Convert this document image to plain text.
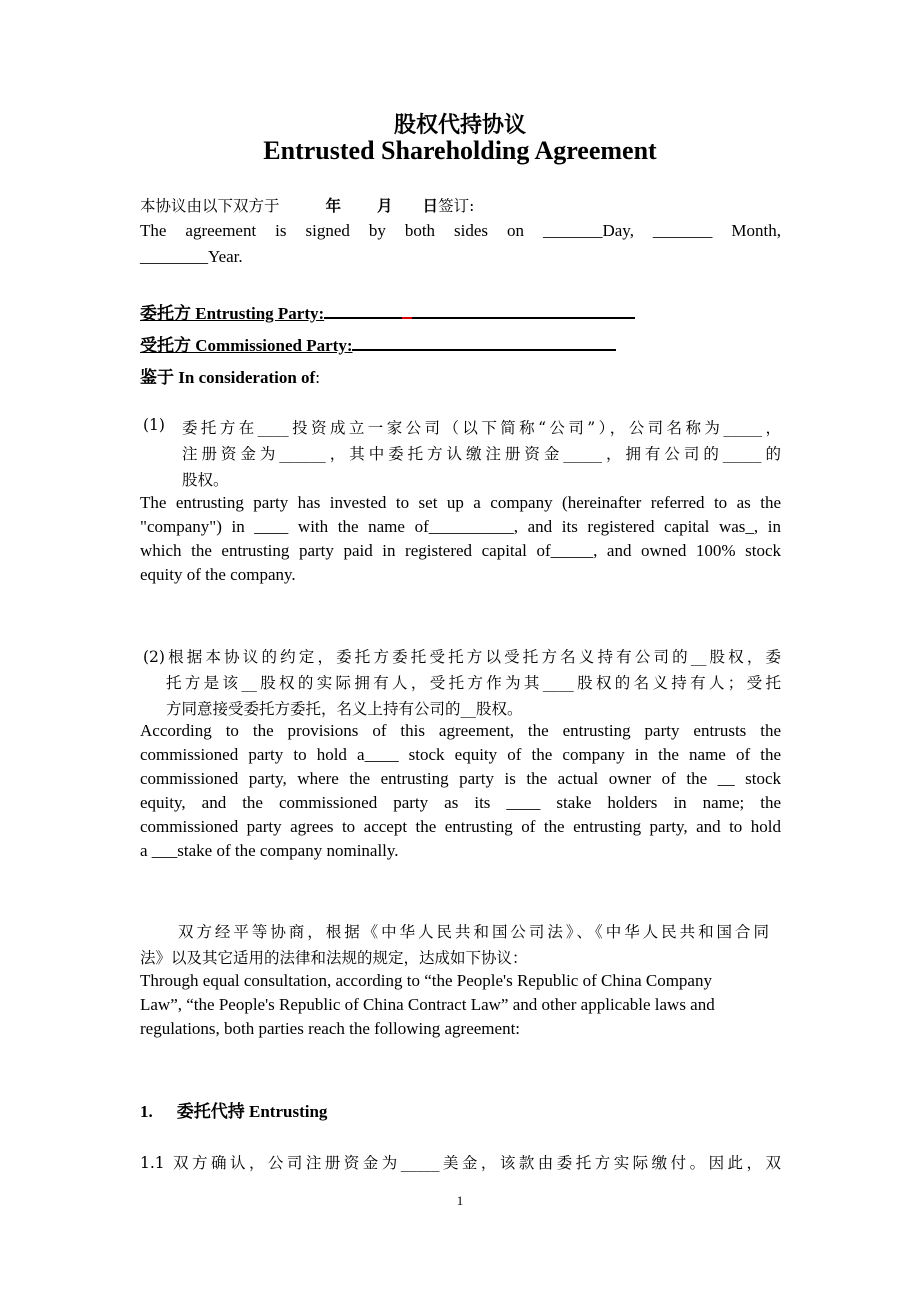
股权代持协议
Entrusted Shareholding Agreement
本协议由以下双方于	年 月 日签订:
The agreement is signed by both sides on _______Day, _______ Month,
________Year.
委托方 Entrusting Party:
受托方 Commissioned Party:
鉴于 In consideration of:
(1)	委托方在____投资成立一家公司（以下简称“公司”），公司名称为_____，
注册资金为______，其中委托方认缴注册资金_____，拥有公司的_____的
股权。
The entrusting party has invested to set up a company (hereinafter referred to as the
"company") in ____ with the name of__________, and its registered capital was_, in
which the entrusting party paid in registered capital of_____, and owned 100% stock
equity of the company.
(2)根据本协议的约定，委托方委托受托方以受托方名义持有公司的__股权，委
托方是该__股权的实际拥有人，受托方作为其____股权的名义持有人；受托
方同意接受委托方委托，名义上持有公司的__股权。
According to the provisions of this agreement, the entrusting party entrusts the
commissioned party to hold a____ stock equity of the company in the name of the
commissioned party, where the entrusting party is the actual owner of the __ stock
equity, and the commissioned party as its ____ stake holders in name; the
commissioned party agrees to accept the entrusting of the entrusting party, and to hold
a ___stake of the company nominally.
双方经平等协商，根据《中华人民共和国公司法》、《中华人民共和国合同
法》以及其它适用的法律和法规的规定，达成如下协议：
Through equal consultation, according to “the People's Republic of China Company
Law”, “the People's Republic of China Contract Law” and other applicable laws and
regulations, both parties reach the following agreement:
1. 委托代持 Entrusting
1.1 双方确认，公司注册资金为_____美金，该款由委托方实际缴付。因此，双
1
